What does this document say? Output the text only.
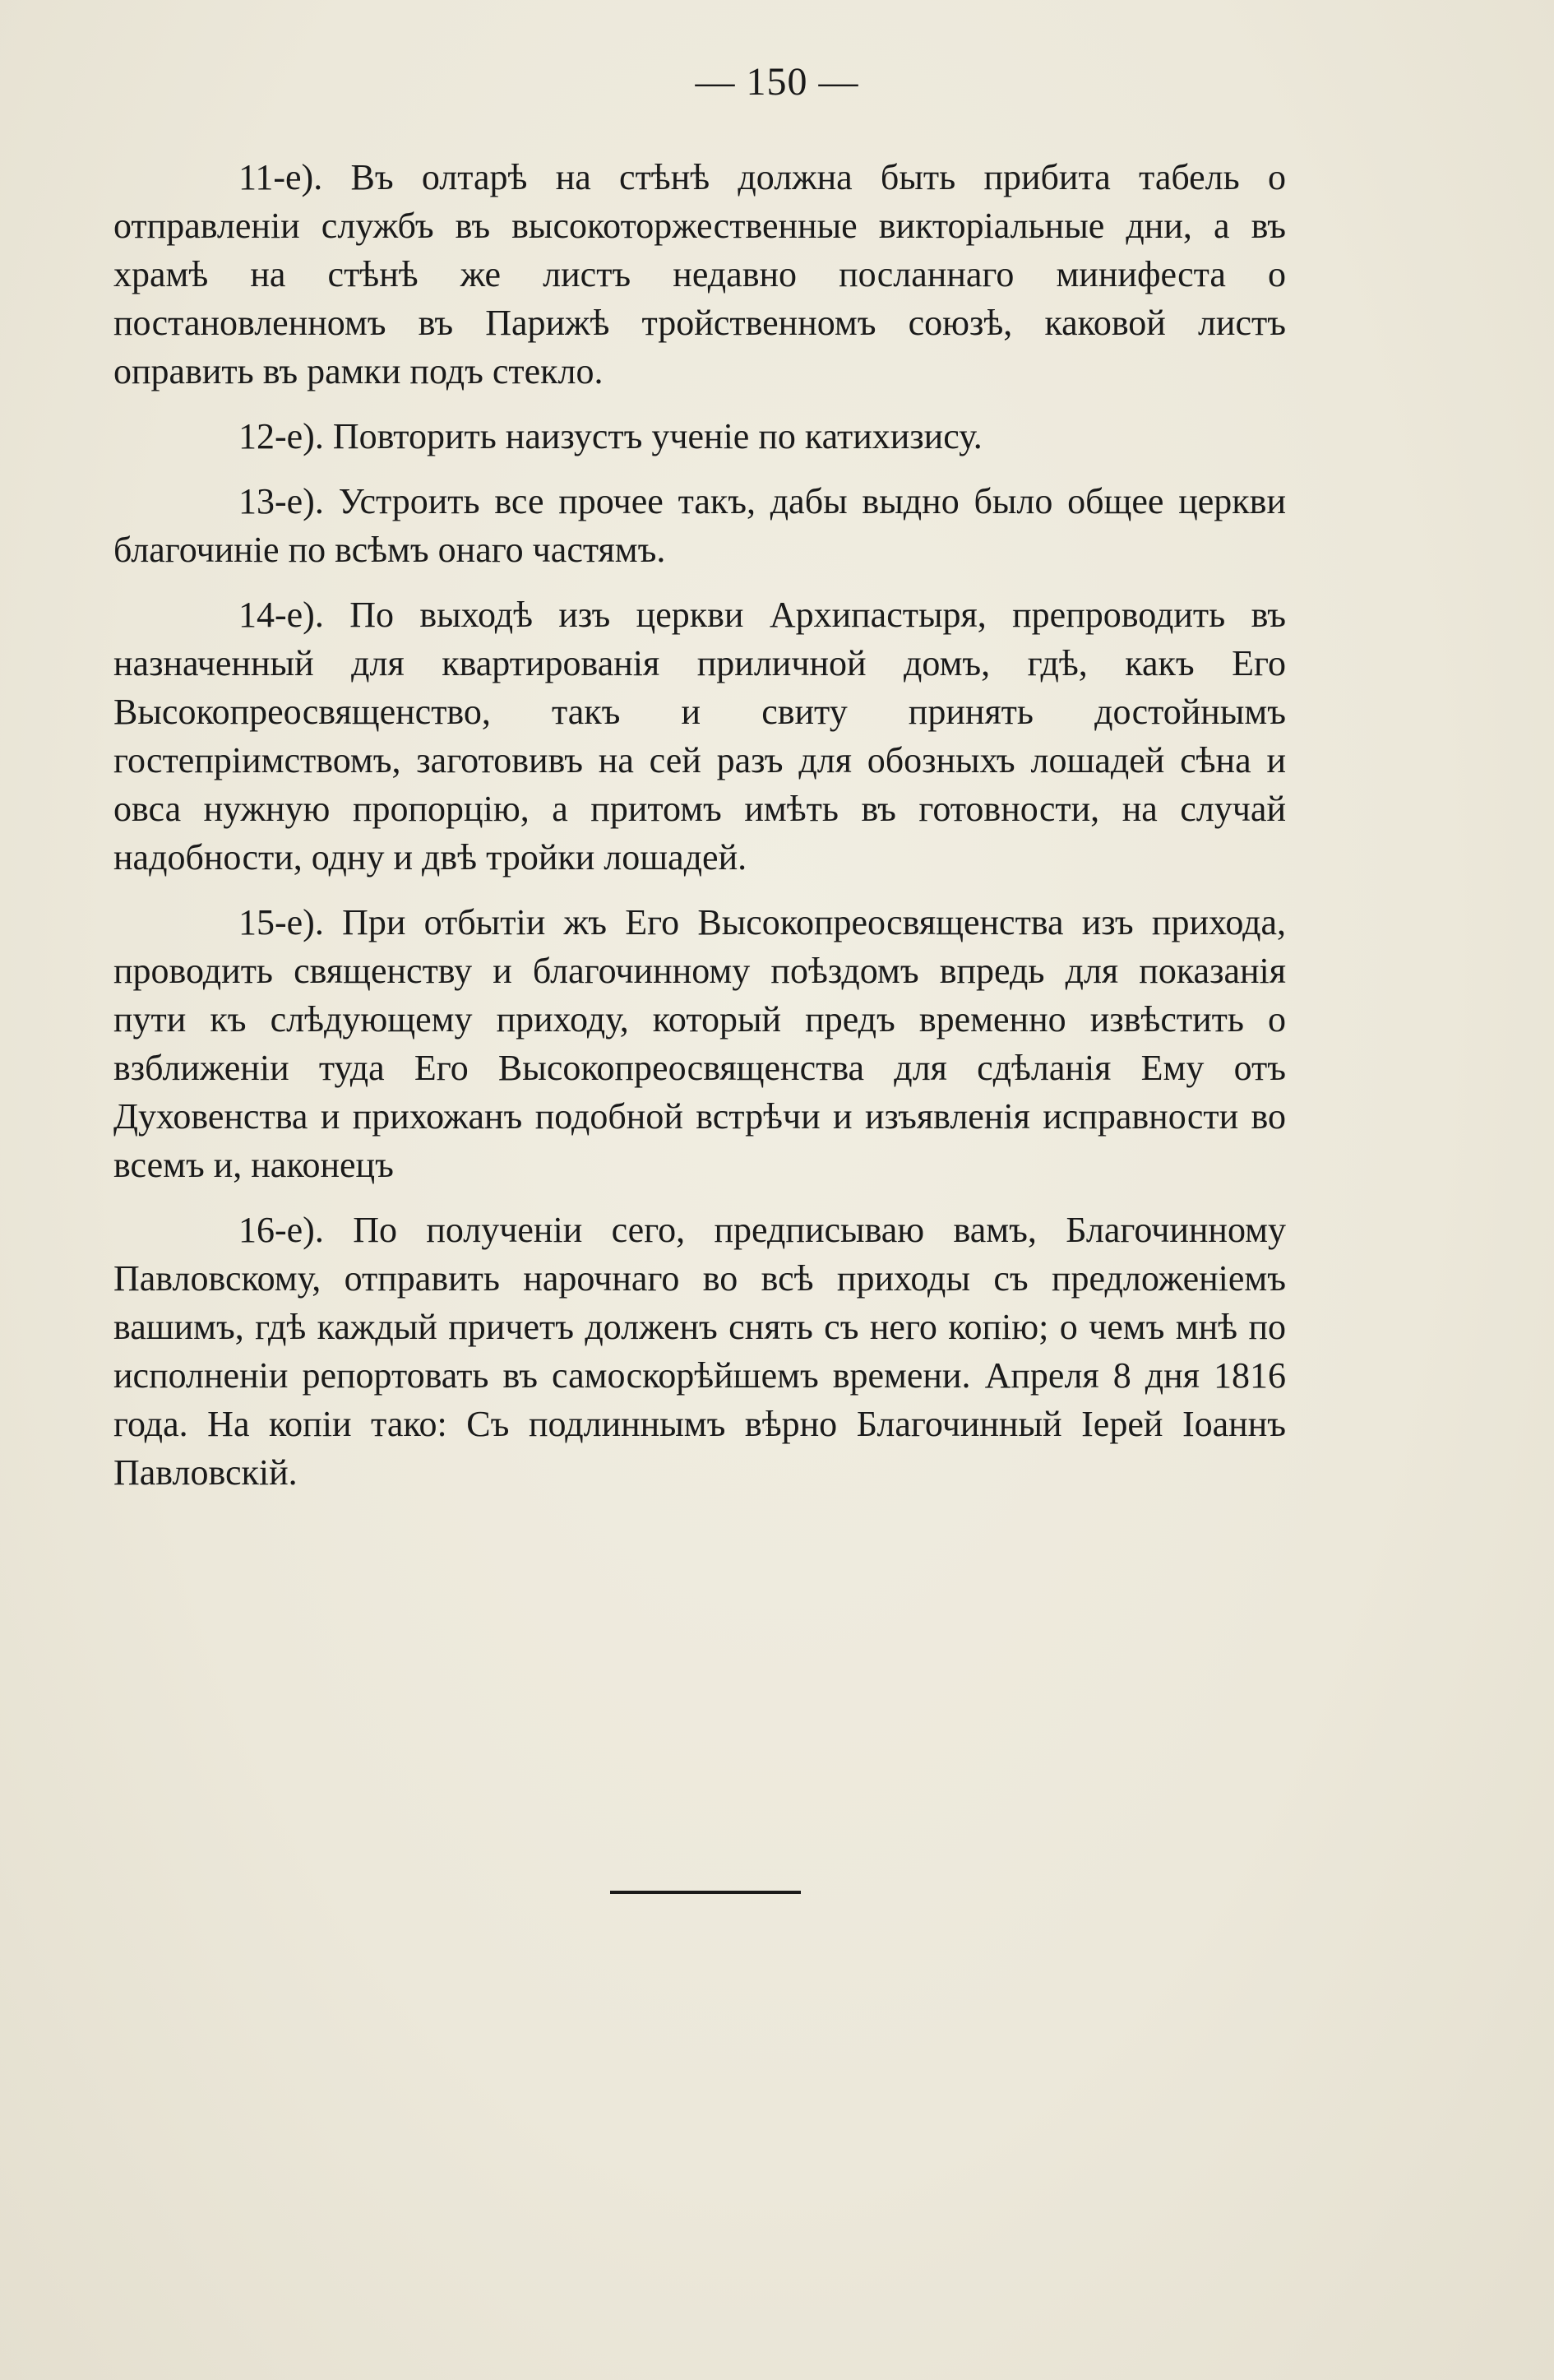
— 150 —

11-е). Въ олтарѣ на стѣнѣ должна быть прибита табель о отправленіи службъ въ высокоторжественные викторіальные дни, а въ храмѣ на стѣнѣ же листъ недавно посланнаго минифеста о постановленномъ въ Парижѣ тройственномъ союзѣ, каковой листъ оправить въ рамки подъ стекло.

12-е). Повторить наизустъ ученіе по катихизису.

13-е). Устроить все прочее такъ, дабы выдно было общее церкви благочиніе по всѣмъ онаго частямъ.

14-е). По выходѣ изъ церкви Архипастыря, препроводить въ назначенный для квартированія приличной домъ, гдѣ, какъ Его Высокопреосвященство, такъ и свиту принять достойнымъ гостепріимствомъ, заготовивъ на сей разъ для обозныхъ лошадей сѣна и овса нужную пропорцію, а притомъ имѣть въ готовности, на случай надобности, одну и двѣ тройки лошадей.

15-е). При отбытіи жъ Его Высокопреосвященства изъ прихода, проводить священству и благочинному поѣздомъ впредь для показанія пути къ слѣдующему приходу, который предъ временно извѣстить о взближеніи туда Его Высокопреосвященства для сдѣланія Ему отъ Духовенства и прихожанъ подобной встрѣчи и изъявленія исправности во всемъ и, наконецъ

16-е). По полученіи сего, предписываю вамъ, Благочинному Павловскому, отправить нарочнаго во всѣ приходы съ предложеніемъ вашимъ, гдѣ каждый причетъ долженъ снять съ него копію; о чемъ мнѣ по исполненіи репортовать въ самоскорѣйшемъ времени. Апреля 8 дня 1816 года. На копіи тако: Съ подлиннымъ вѣрно Благочинный Іерей Іоаннъ Павловскій.
